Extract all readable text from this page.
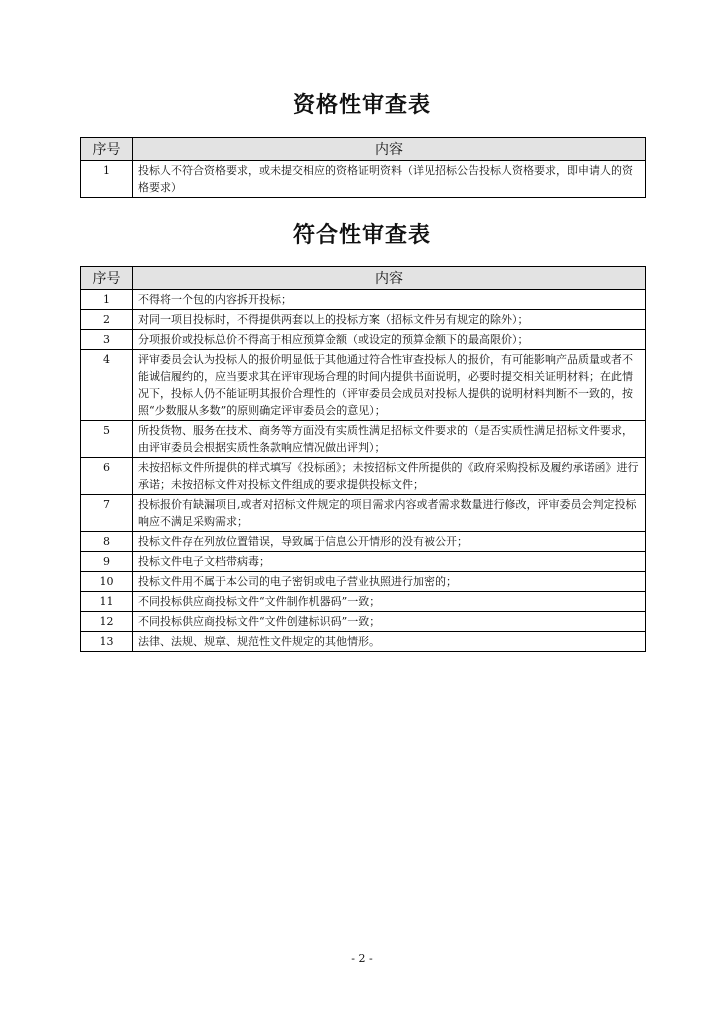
资格性审查表
序号	内容
1	投标人不符合资格要求，或未提交相应的资格证明资料（详见招标公告投标人资格要求，即申请人的资格要求）
符合性审查表
序号	内容
1	不得将一个包的内容拆开投标；
2	对同一项目投标时，不得提供两套以上的投标方案（招标文件另有规定的除外）；
3	分项报价或投标总价不得高于相应预算金额（或设定的预算金额下的最高限价）；
4	评审委员会认为投标人的报价明显低于其他通过符合性审查投标人的报价，有可能影响产品质量或者不能诚信履约的，应当要求其在评审现场合理的时间内提供书面说明，必要时提交相关证明材料；在此情况下，投标人仍不能证明其报价合理性的（评审委员会成员对投标人提供的说明材料判断不一致的，按照“少数服从多数”的原则确定评审委员会的意见）；
5	所投货物、服务在技术、商务等方面没有实质性满足招标文件要求的（是否实质性满足招标文件要求，由评审委员会根据实质性条款响应情况做出评判）；
6	未按招标文件所提供的样式填写《投标函》；未按招标文件所提供的《政府采购投标及履约承诺函》进行承诺；未按招标文件对投标文件组成的要求提供投标文件；
7	投标报价有缺漏项目,或者对招标文件规定的项目需求内容或者需求数量进行修改，评审委员会判定投标响应不满足采购需求；
8	投标文件存在列放位置错误，导致属于信息公开情形的没有被公开；
9	投标文件电子文档带病毒；
10	投标文件用不属于本公司的电子密钥或电子营业执照进行加密的；
11	不同投标供应商投标文件“文件制作机器码”一致；
12	不同投标供应商投标文件“文件创建标识码”一致；
13	法律、法规、规章、规范性文件规定的其他情形。
- 2 -
